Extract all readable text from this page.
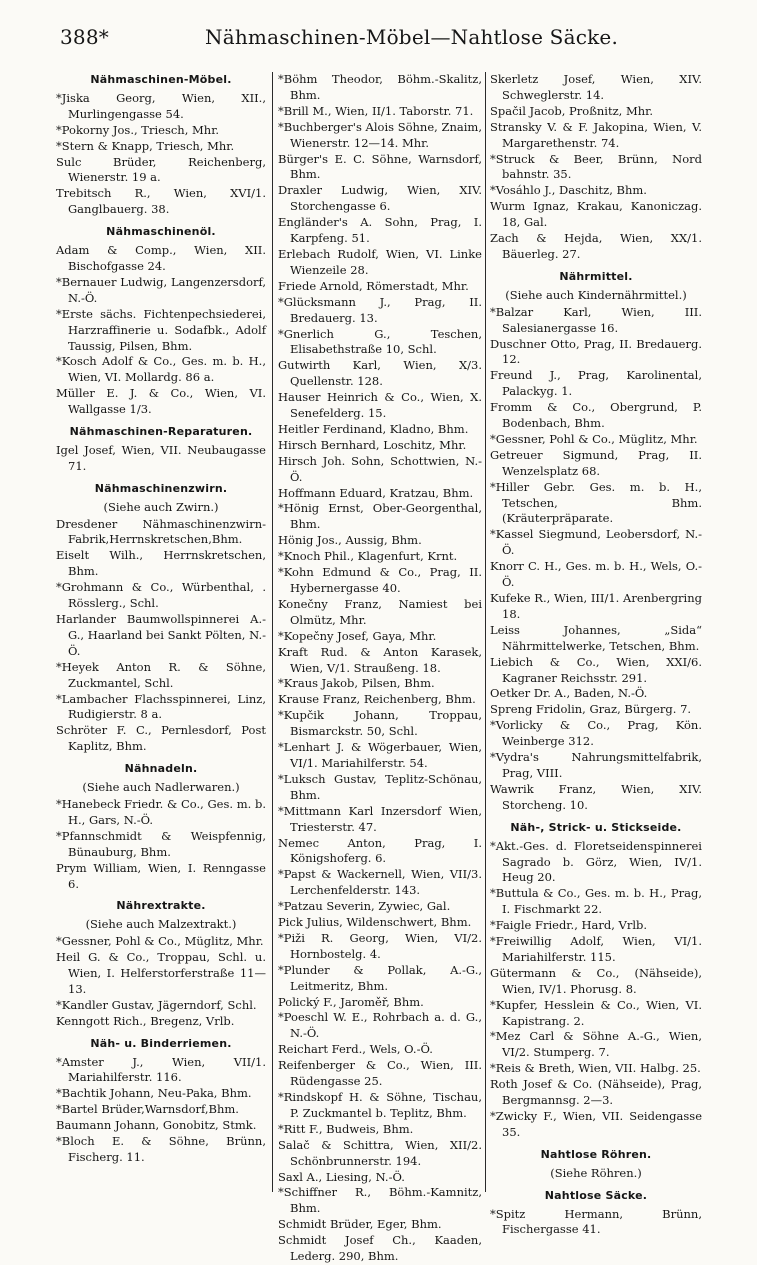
388*	Nähmaschinen-Möbel—Nahtlose Säcke.
Nähmaschinen-Möbel.

*Jiska Georg, Wien, XII., Murlingengasse 54.

*Pokorny Jos., Triesch, Mhr.

*Stern & Knapp, Triesch, Mhr.

Sulc Brüder, Reichenberg, Wienerstr. 19 a.

Trebitsch R., Wien, XVI/1. Ganglbauerg. 38.

Nähmaschinenöl.

Adam & Comp., Wien, XII. Bischofgasse 24.

*Bernauer Ludwig, Langenzersdorf, N.-Ö.

*Erste sächs. Fichtenpechsiederei, Harzraffinerie u. Sodafbk., Adolf Taussig, Pilsen, Bhm.

*Kosch Adolf & Co., Ges. m. b. H., Wien, VI. Mollardg. 86 a.

Müller E. J. & Co., Wien, VI. Wallgasse 1/3.

Nähmaschinen-Reparaturen.

Igel Josef, Wien, VII. Neubaugasse 71.

Nähmaschinenzwirn.
(Siehe auch Zwirn.)

Dresdener Nähmaschinenzwirn-Fabrik,Herrnskretschen,Bhm.

Eiselt Wilh., Herrnskretschen, Bhm.

*Grohmann & Co., Würbenthal, . Rösslerg., Schl.

Harlander Baumwollspinnerei A.-G., Haarland bei Sankt Pölten, N.-Ö.

*Heyek Anton R. & Söhne, Zuckmantel, Schl.

*Lambacher Flachsspinnerei, Linz, Rudigierstr. 8 a.

Schröter F. C., Pernlesdorf, Post Kaplitz, Bhm.

Nähnadeln.
(Siehe auch Nadlerwaren.)

*Hanebeck Friedr. & Co., Ges. m. b. H., Gars, N.-Ö.

*Pfannschmidt & Weispfennig, Bünauburg, Bhm.

Prym William, Wien, I. Renngasse 6.

Nährextrakte.
(Siehe auch Malzextrakt.)

*Gessner, Pohl & Co., Müglitz, Mhr.

Heil G. & Co., Troppau, Schl. u. Wien, I. Helferstorferstraße 11—13.

*Kandler Gustav, Jägerndorf, Schl.

Kenngott Rich., Bregenz, Vrlb.

Näh- u. Binderriemen.

*Amster J., Wien, VII/1. Mariahilferstr. 116.

*Bachtik Johann, Neu-Paka, Bhm.

*Bartel Brüder,Warnsdorf,Bhm.

Baumann Johann, Gonobitz, Stmk.

*Bloch E. & Söhne, Brünn, Fischerg. 11.

*Böhm Theodor, Böhm.-Skalitz, Bhm.

*Brill M., Wien, II/1. Taborstr. 71.

*Buchberger's Alois Söhne, Znaim, Wienerstr. 12—14. Mhr.

Bürger's E. C. Söhne, Warnsdorf, Bhm.

Draxler Ludwig, Wien, XIV. Storchengasse 6.

Engländer's A. Sohn, Prag, I. Karpfeng. 51.

Erlebach Rudolf, Wien, VI. Linke Wienzeile 28.

Friede Arnold, Römerstadt, Mhr.

*Glücksmann J., Prag, II. Bredauerg. 13.

*Gnerlich G., Teschen, Elisabethstraße 10, Schl.

Gutwirth Karl, Wien, X/3. Quellenstr. 128.

Hauser Heinrich & Co., Wien, X. Senefelderg. 15.

Heitler Ferdinand, Kladno, Bhm.

Hirsch Bernhard, Loschitz, Mhr.

Hirsch Joh. Sohn, Schottwien, N.-Ö.

Hoffmann Eduard, Kratzau, Bhm.

*Hönig Ernst, Ober-Georgenthal, Bhm.

Hönig Jos., Aussig, Bhm.

*Knoch Phil., Klagenfurt, Krnt.

*Kohn Edmund & Co., Prag, II. Hybernergasse 40.

Konečny Franz, Namiest bei Olmütz, Mhr.

*Kopečny Josef, Gaya, Mhr.

Kraft Rud. & Anton Karasek, Wien, V/1. Straußeng. 18.

*Kraus Jakob, Pilsen, Bhm.

Krause Franz, Reichenberg, Bhm.

*Kupčik Johann, Troppau, Bismarckstr. 50, Schl.

*Lenhart J. & Wögerbauer, Wien, VI/1. Mariahilferstr. 54.

*Luksch Gustav, Teplitz-Schönau, Bhm.

*Mittmann Karl Inzersdorf Wien, Triesterstr. 47.

Nemec Anton, Prag, I. Königshoferg. 6.

*Papst & Wackernell, Wien, VII/3. Lerchenfelderstr. 143.

*Patzau Severin, Zywiec, Gal.

Pick Julius, Wildenschwert, Bhm.

*Piži R. Georg, Wien, VI/2. Hornbostelg. 4.

*Plunder & Pollak, A.-G., Leitmeritz, Bhm.

Polický F., Jaroměř, Bhm.

*Poeschl W. E., Rohrbach a. d. G., N.-Ö.

Reichart Ferd., Wels, O.-Ö.

Reifenberger & Co., Wien, III. Rüdengasse 25.

*Rindskopf H. & Söhne, Tischau, P. Zuckmantel b. Teplitz, Bhm.

*Ritt F., Budweis, Bhm.

Salač & Schittra, Wien, XII/2. Schönbrunnerstr. 194.

Saxl A., Liesing, N.-Ö.

*Schiffner R., Böhm.-Kamnitz, Bhm.

Schmidt Brüder, Eger, Bhm.

Schmidt Josef Ch., Kaaden, Lederg. 290, Bhm.

Skerletz Josef, Wien, XIV. Schweglerstr. 14.

Spačil Jacob, Proßnitz, Mhr.

Stransky V. & F. Jakopina, Wien, V. Margarethenstr. 74.

*Struck & Beer, Brünn, Nord bahnstr. 35.

*Vosáhlo J., Daschitz, Bhm.

Wurm Ignaz, Krakau, Kanoniczag. 18, Gal.

Zach & Hejda, Wien, XX/1. Bäuerleg. 27.

Nährmittel.
(Siehe auch Kindernährmittel.)

*Balzar Karl, Wien, III. Salesianergasse 16.

Duschner Otto, Prag, II. Bredauerg. 12.

Freund J., Prag, Karolinental, Palackyg. 1.

Fromm & Co., Obergrund, P. Bodenbach, Bhm.

*Gessner, Pohl & Co., Müglitz, Mhr.

Getreuer Sigmund, Prag, II. Wenzelsplatz 68.

*Hiller Gebr. Ges. m. b. H., Tetschen, Bhm. (Kräuterpräparate.

*Kassel Siegmund, Leobersdorf, N.-Ö.

Knorr C. H., Ges. m. b. H., Wels, O.-Ö.

Kufeke R., Wien, III/1. Arenbergring 18.

Leiss Johannes, „Sida“ Nährmittelwerke, Tetschen, Bhm.

Liebich & Co., Wien, XXI/6. Kagraner Reichsstr. 291.

Oetker Dr. A., Baden, N.-Ö.

Spreng Fridolin, Graz, Bürgerg. 7.

*Vorlicky & Co., Prag, Kön. Weinberge 312.

*Vydra's Nahrungsmittelfabrik, Prag, VIII.

Wawrik Franz, Wien, XIV. Storcheng. 10.

Näh-, Strick- u. Stickseide.

*Akt.-Ges. d. Floretseidenspinnerei Sagrado b. Görz, Wien, IV/1. Heug 20.

*Buttula & Co., Ges. m. b. H., Prag, I. Fischmarkt 22.

*Faigle Friedr., Hard, Vrlb.

*Freiwillig Adolf, Wien, VI/1. Mariahilferstr. 115.

Gütermann & Co., (Nähseide), Wien, IV/1. Phorusg. 8.

*Kupfer, Hesslein & Co., Wien, VI. Kapistrang. 2.

*Mez Carl & Söhne A.-G., Wien, VI/2. Stumperg. 7.

*Reis & Breth, Wien, VII. Halbg. 25.

Roth Josef & Co. (Nähseide), Prag, Bergmannsg. 2—3.

*Zwicky F., Wien, VII. Seidengasse 35.

Nahtlose Röhren.
(Siehe Röhren.)
Nahtlose Säcke.

*Spitz Hermann, Brünn, Fischergasse 41.
